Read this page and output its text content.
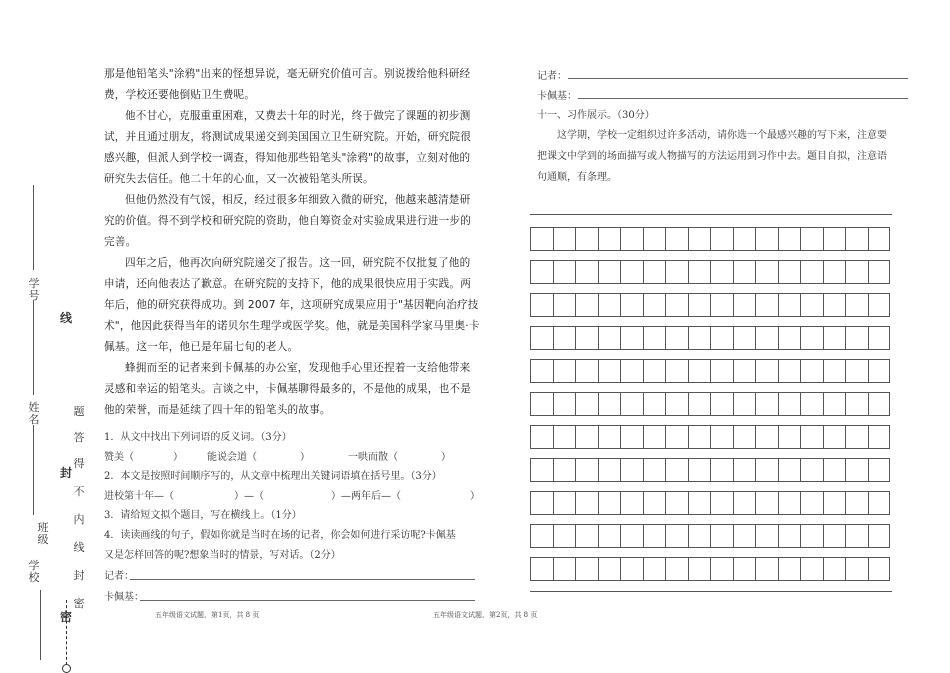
学号
姓名
班级
学校
线
封
密
密
封
线
内
不
得
答
题
那是他铅笔头"涂鸦"出来的怪想异说，毫无研究价值可言。别说拨给他科研经费，学校还要他倒贴卫生费呢。
他不甘心，克服重重困难，又费去十年的时光，终于做完了课题的初步测试，并且通过朋友，将测试成果递交到美国国立卫生研究院。开始，研究院很感兴趣，但派人到学校一调查，得知他那些铅笔头"涂鸦"的故事，立刻对他的研究失去信任。他二十年的心血，又一次被铅笔头所误。
但他仍然没有气馁，相反，经过很多年细致入微的研究，他越来越清楚研究的价值。得不到学校和研究院的资助，他自筹资金对实验成果进行进一步的完善。
四年之后，他再次向研究院递交了报告。这一回，研究院不仅批复了他的申请，还向他表达了歉意。在研究院的支持下，他的成果很快应用于实践。两年后，他的研究获得成功。到 2007 年，这项研究成果应用于"基因靶向治疗技术"，他因此获得当年的诺贝尔生理学或医学奖。他，就是美国科学家马里奥·卡佩基。这一年，他已是年届七旬的老人。
蜂拥而至的记者来到卡佩基的办公室，发现他手心里还捏着一支给他带来灵感和幸运的铅笔头。言谈之中，卡佩基聊得最多的，不是他的成果，也不是他的荣誉，而是延续了四十年的铅笔头的故事。
1．从文中找出下列词语的反义词。（3分）
赞美（	） 能说会道（	）	一哄而散（	）
2．本文是按照时间顺序写的，从文章中梳理出关键词语填在括号里。（3分）
进校第十年—（	）—（	）—两年后—（	）
3．请给短文拟个题目，写在横线上。（1分）
4．读读画线的句子，假如你就是当时在场的记者，你会如何进行采访呢?卡佩基
又是怎样回答的呢?想象当时的情景，写对话。（2分）
记者：
卡佩基：
五年级语文试题，第1页，共 8 页	五年级语文试题，第2页，共 8 页
记者：
卡佩基：
十一、习作展示。（30分）
这学期，学校一定组织过许多活动，请你选一个最感兴趣的写下来，注意要
把课文中学到的场面描写或人物描写的方法运用到习作中去。题目自拟，注意语
句通顺，有条理。
